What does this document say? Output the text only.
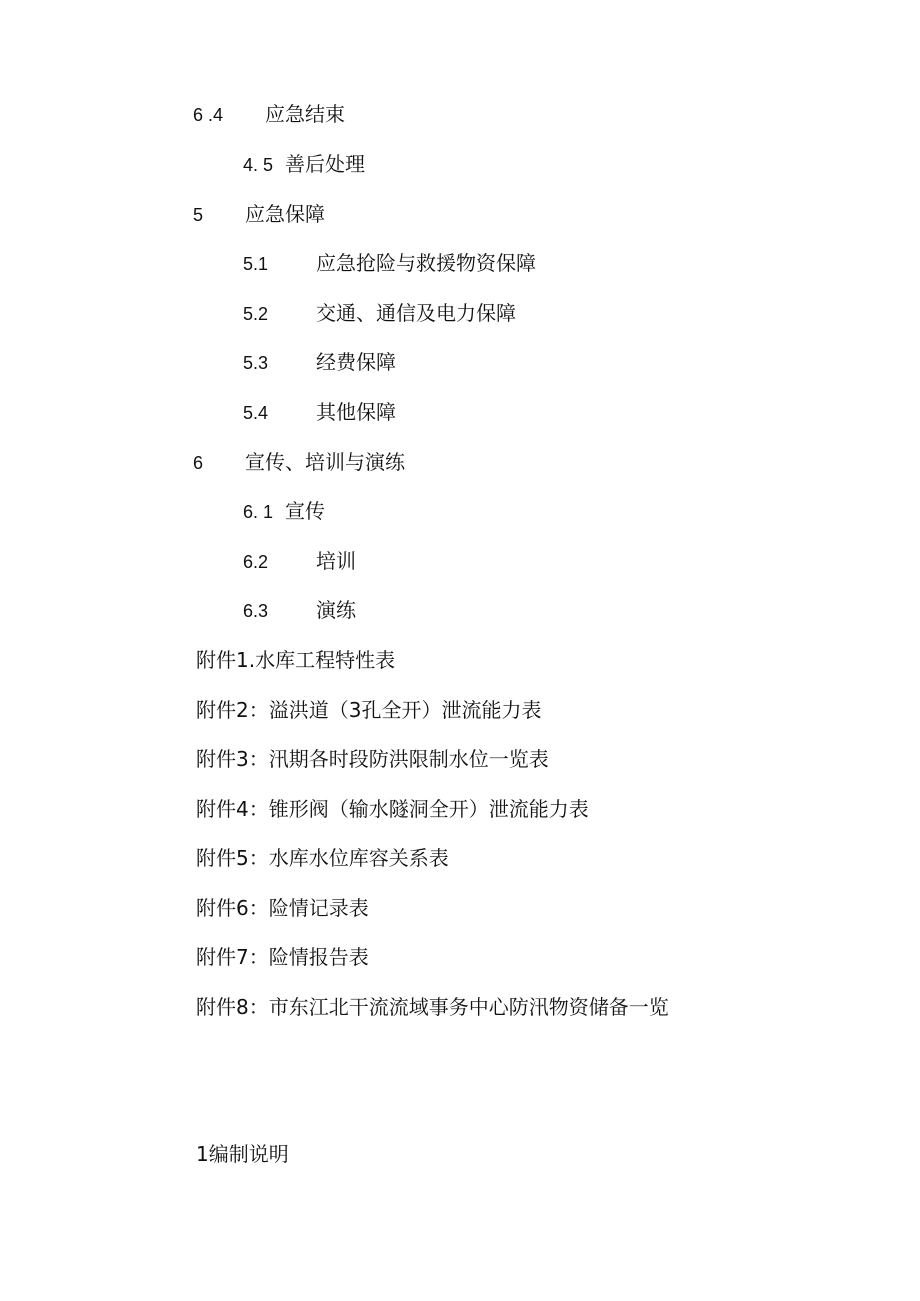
6 .4 应急结束
4. 5 善后处理
5 应急保障
5.1 应急抢险与救援物资保障
5.2 交通、通信及电力保障
5.3 经费保障
5.4 其他保障
6 宣传、培训与演练
6. 1 宣传
6.2 培训
6.3 演练
附件1.水库工程特性表
附件2：溢洪道（3孔全开）泄流能力表
附件3：汛期各时段防洪限制水位一览表
附件4：锥形阀（输水隧洞全开）泄流能力表
附件5：水库水位库容关系表
附件6：险情记录表
附件7：险情报告表
附件8：市东江北干流流域事务中心防汛物资储备一览
1编制说明
